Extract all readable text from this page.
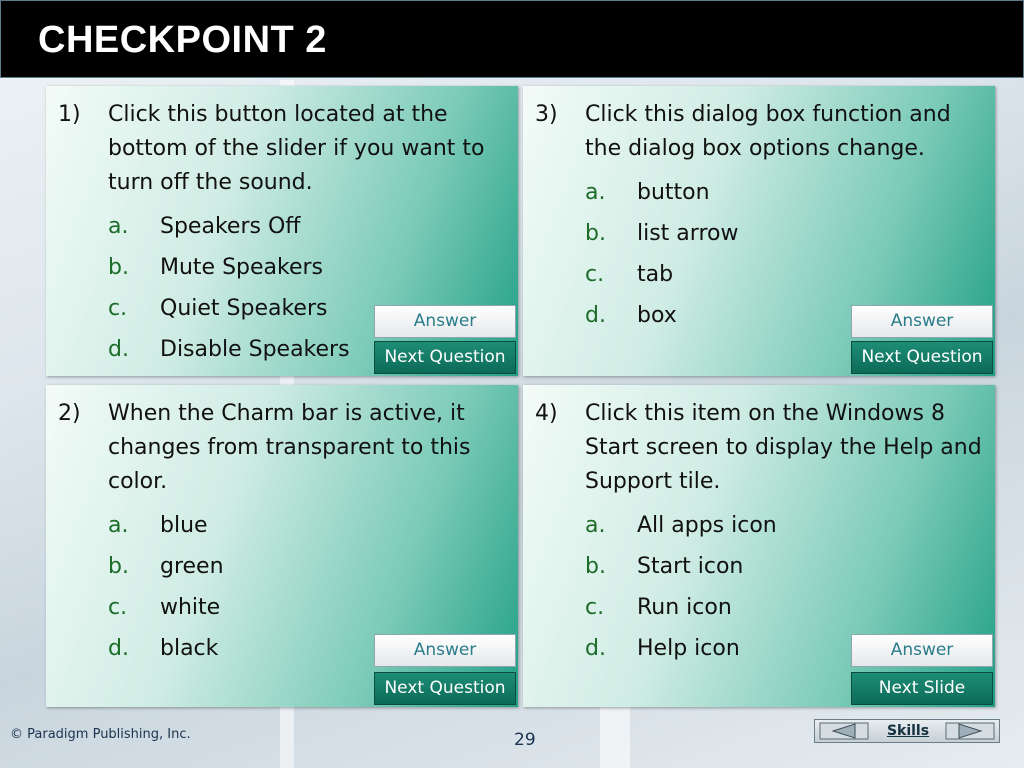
CHECKPOINT 2
1) Click this button located at the bottom of the slider if you want to turn off the sound.
a. Speakers Off
b. Mute Speakers
c. Quiet Speakers
d. Disable Speakers
Answer
Next Question
3) Click this dialog box function and the dialog box options change.
a. button
b. list arrow
c. tab
d. box	Answer
Next Question
2) When the Charm bar is active, it changes from transparent to this color.
a. blue
b. green
c. white
d. black	Answer
Next Question
4) Click this item on the Windows 8 Start screen to display the Help and Support tile.
a. All apps icon
b. Start icon
c. Run icon
d. Help icon	Answer
Next Slide
© Paradigm Publishing, Inc.	29	Skills
